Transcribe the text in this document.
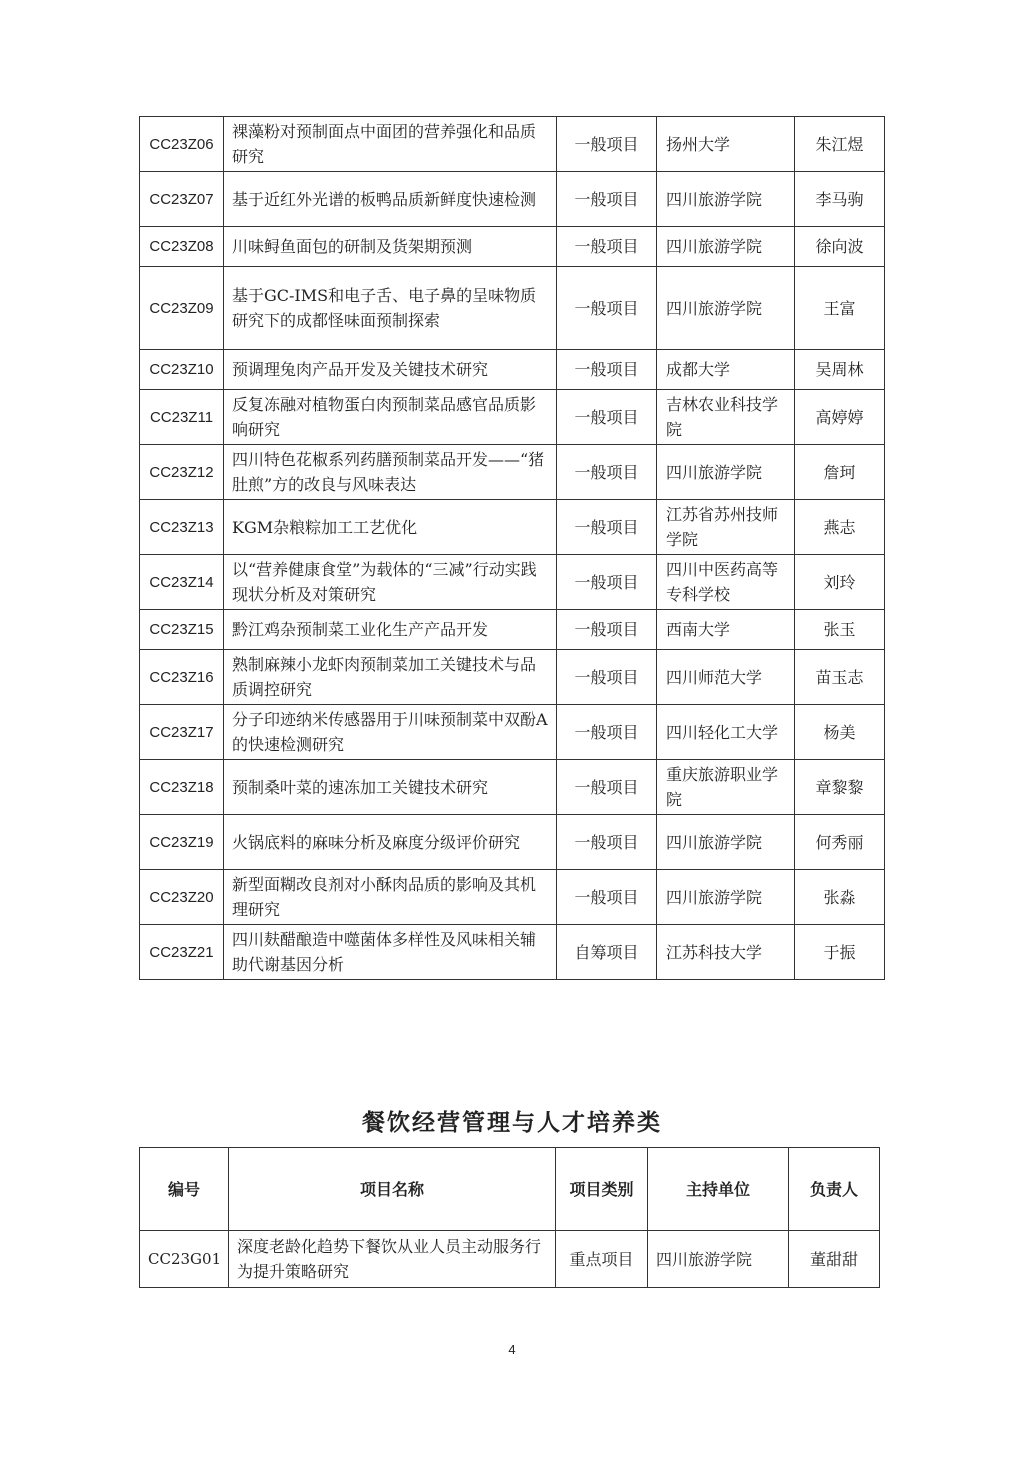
CC23Z06	裸藻粉对预制面点中面团的营养强化和品质研究	一般项目	扬州大学	朱江煜
CC23Z07	基于近红外光谱的板鸭品质新鲜度快速检测	一般项目	四川旅游学院	李马驹
CC23Z08	川味鲟鱼面包的研制及货架期预测	一般项目	四川旅游学院	徐向波
CC23Z09	基于GC-IMS和电子舌、电子鼻的呈味物质研究下的成都怪味面预制探索	一般项目	四川旅游学院	王富
CC23Z10	预调理兔肉产品开发及关键技术研究	一般项目	成都大学	吴周林
CC23Z11	反复冻融对植物蛋白肉预制菜品感官品质影响研究	一般项目	吉林农业科技学院	高婷婷
CC23Z12	四川特色花椒系列药膳预制菜品开发——“猪肚煎”方的改良与风味表达	一般项目	四川旅游学院	詹珂
CC23Z13	KGM杂粮粽加工工艺优化	一般项目	江苏省苏州技师学院	燕志
CC23Z14	以“营养健康食堂”为载体的“三减”行动实践现状分析及对策研究	一般项目	四川中医药高等专科学校	刘玲
CC23Z15	黔江鸡杂预制菜工业化生产产品开发	一般项目	西南大学	张玉
CC23Z16	熟制麻辣小龙虾肉预制菜加工关键技术与品质调控研究	一般项目	四川师范大学	苗玉志
CC23Z17	分子印迹纳米传感器用于川味预制菜中双酚A的快速检测研究	一般项目	四川轻化工大学	杨美
CC23Z18	预制桑叶菜的速冻加工关键技术研究	一般项目	重庆旅游职业学院	章黎黎
CC23Z19	火锅底料的麻味分析及麻度分级评价研究	一般项目	四川旅游学院	何秀丽
CC23Z20	新型面糊改良剂对小酥肉品质的影响及其机理研究	一般项目	四川旅游学院	张淼
CC23Z21	四川麸醋酿造中噬菌体多样性及风味相关辅助代谢基因分析	自筹项目	江苏科技大学	于振
餐饮经营管理与人才培养类
编号	项目名称	项目类别	主持单位	负责人
CC23G01	深度老龄化趋势下餐饮从业人员主动服务行为提升策略研究	重点项目	四川旅游学院	董甜甜
4
